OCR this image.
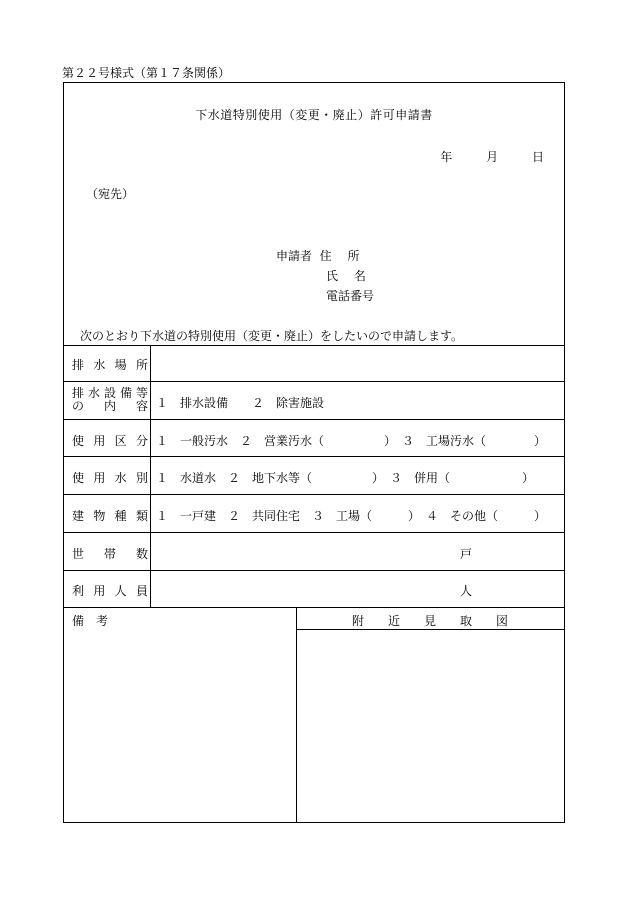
第２２号様式（第１７条関係）
下水道特別使用（変更・廃止）許可申請書
年	月	日
（宛先）
申請者 住　 所
氏 　名
電話番号
次のとおり下水道の特別使用（変更・廃止）をしたいので申請します。
排水場所
排水設備等
の内容 １　排水設備　　２　除害施設
使用区分 １　一般汚水　２　営業汚水（　　　　　）　３　工場汚水（　　　　）
使用水別 １　水道水　２　地下水等（　　　　　）　３　併用（　　　　　　）
建物種類 １　一戸建　２　共同住宅　３　工場（　　　）　４　その他（　　　）
世帯数	戸
利用人員	人
備　考	附　　近　　見　　取　　図
